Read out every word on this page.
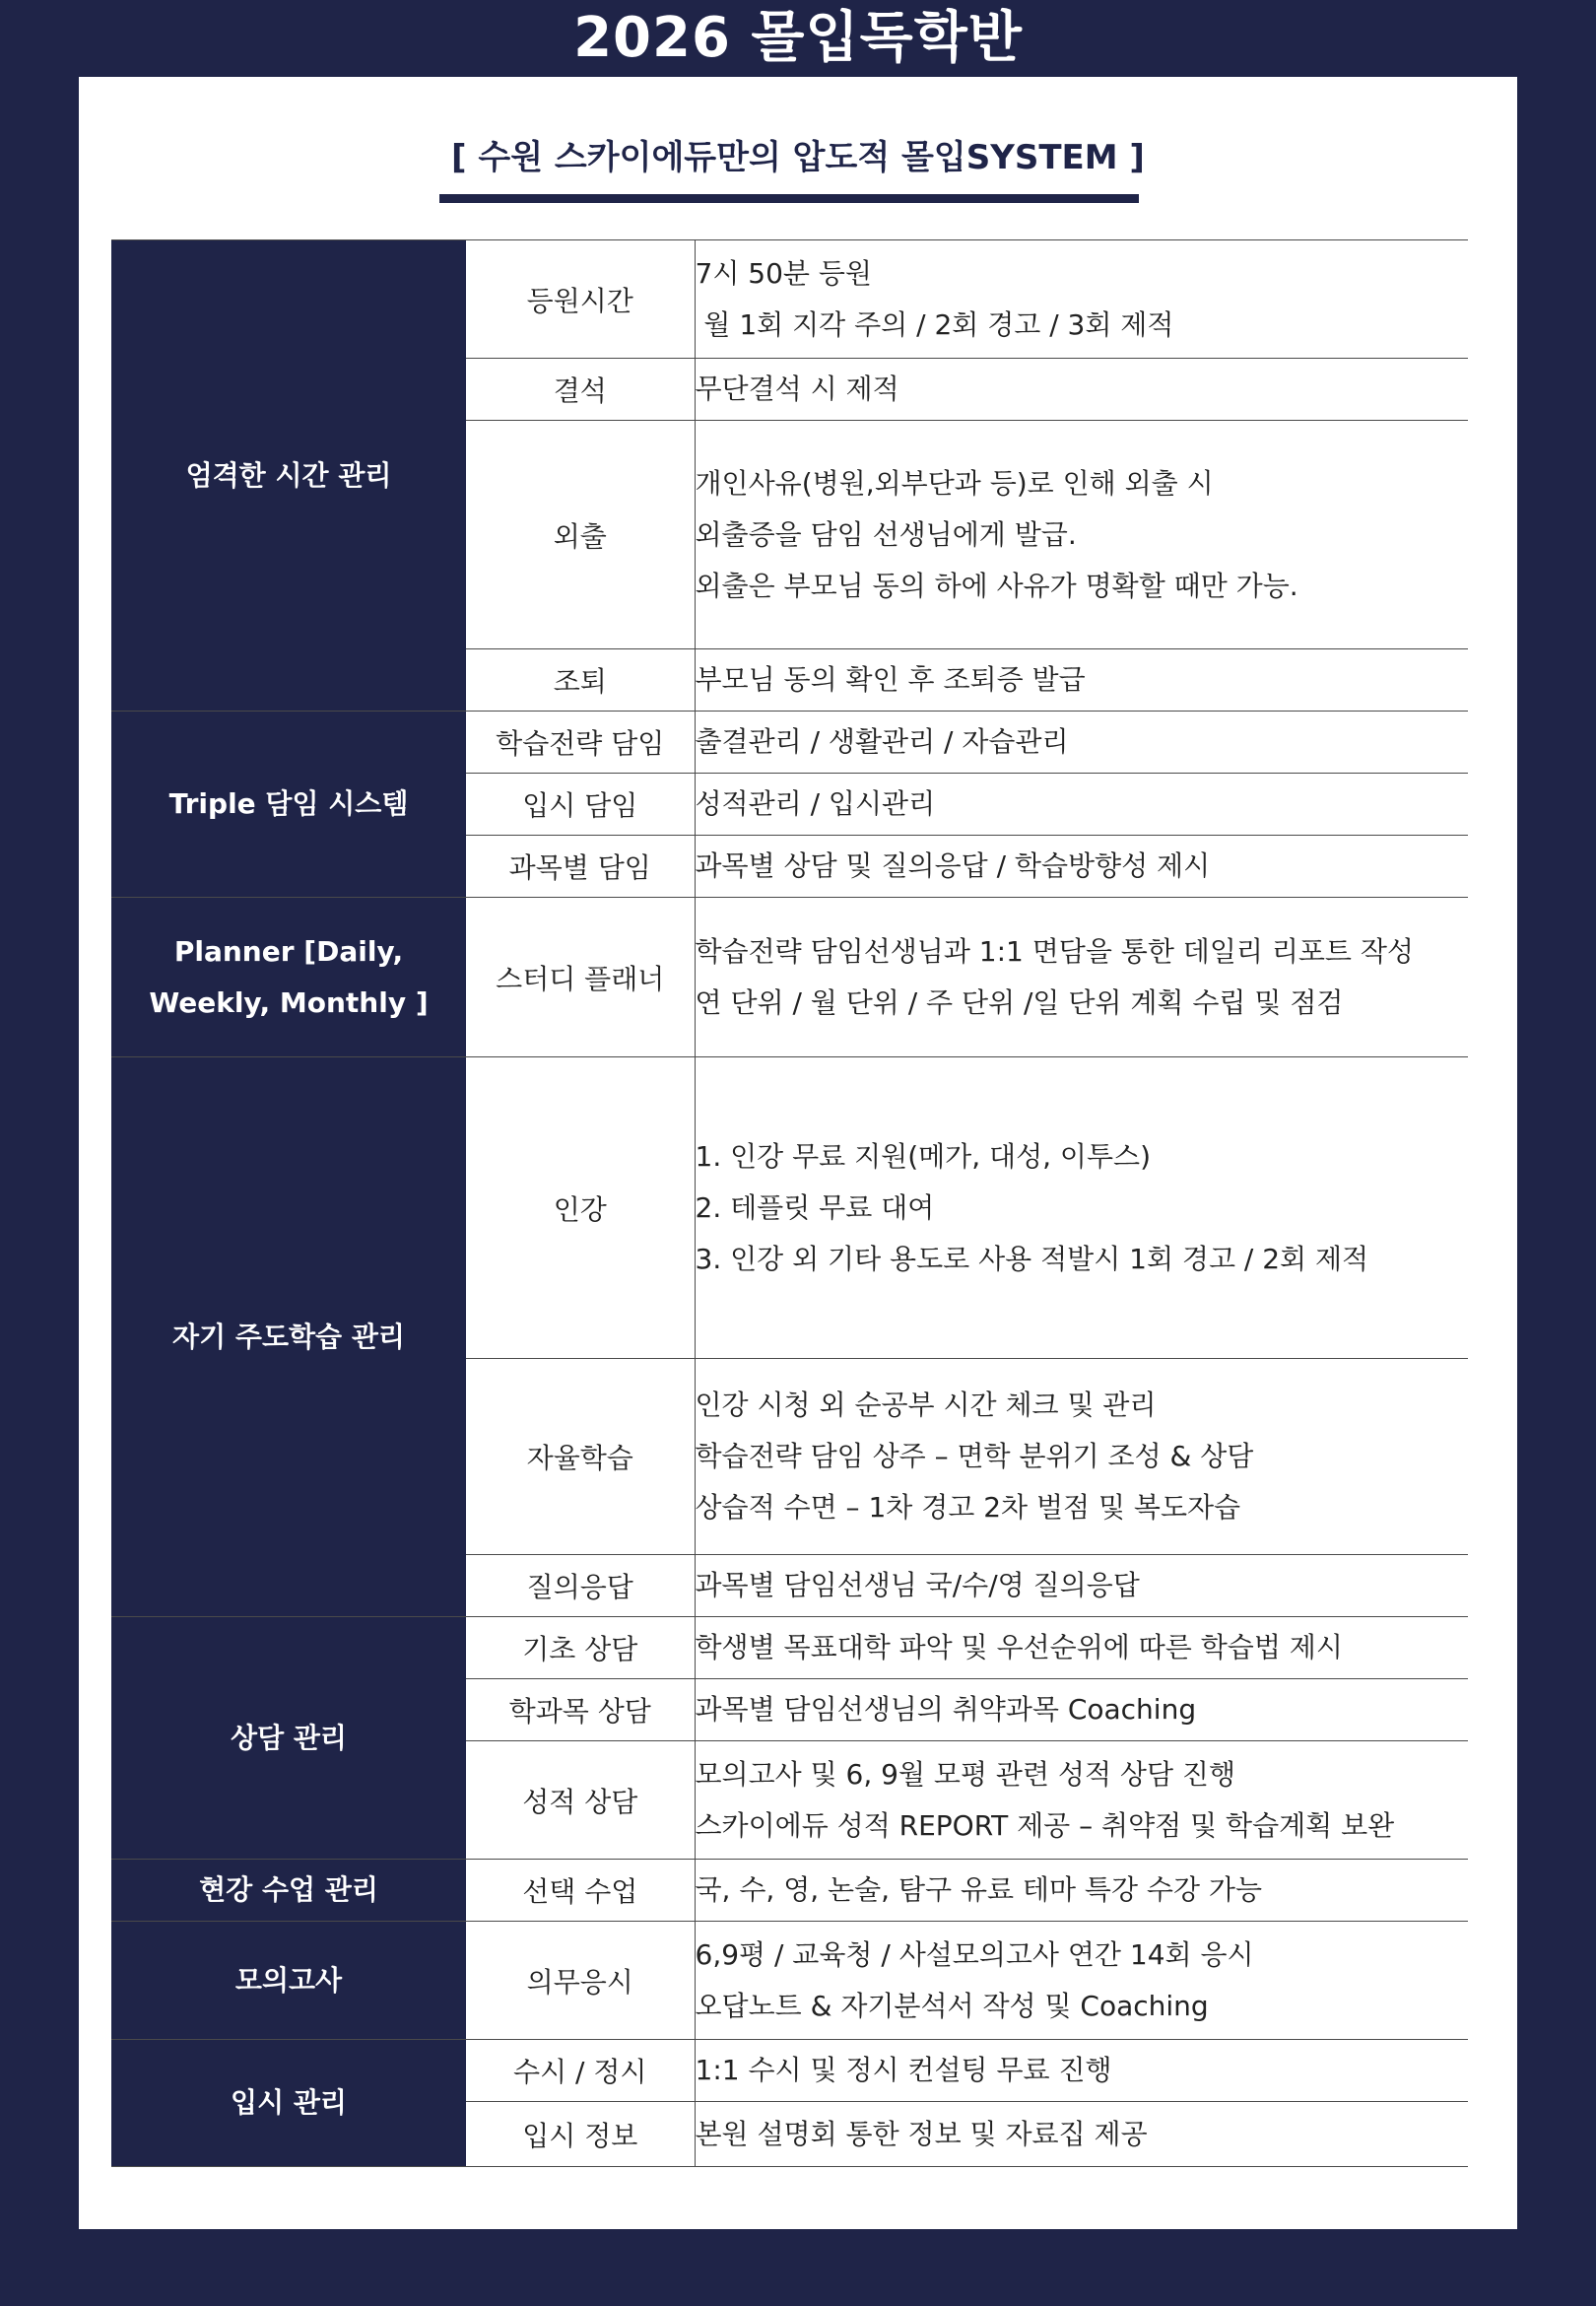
2026 몰입독학반
[ 수원 스카이에듀만의 압도적 몰입SYSTEM ]
엄격한 시간 관리	등원시간	7시 50분 등원
월 1회 지각 주의 / 2회 경고 / 3회 제적

	결석	무단결석 시 제적

	외출	개인사유(병원,외부단과 등)로 인해 외출 시
외출증을 담임 선생님에게 발급.
외출은 부모님 동의 하에 사유가 명확할 때만 가능.

	조퇴	부모님 동의 확인 후 조퇴증 발급

Triple 담임 시스템	학습전략 담임	출결관리 / 생활관리 / 자습관리

	입시 담임	성적관리 / 입시관리

	과목별 담임	과목별 상담 및 질의응답 / 학습방향성 제시

Planner [Daily, Weekly, Monthly ]	스터디 플래너	학습전략 담임선생님과 1:1 면담을 통한 데일리 리포트 작성
연 단위 / 월 단위 / 주 단위 /일 단위 계획 수립 및 점검

자기 주도학습 관리	인강	1. 인강 무료 지원(메가, 대성, 이투스)
2. 테플릿 무료 대여
3. 인강 외 기타 용도로 사용 적발시 1회 경고 / 2회 제적

	자율학습	인강 시청 외 순공부 시간 체크 및 관리
학습전략 담임 상주 – 면학 분위기 조성 & 상담
상습적 수면 – 1차 경고 2차 벌점 및 복도자습

	질의응답	과목별 담임선생님 국/수/영 질의응답

상담 관리	기초 상담	학생별 목표대학 파악 및 우선순위에 따른 학습법 제시

	학과목 상담	과목별 담임선생님의 취약과목 Coaching

	성적 상담	모의고사 및 6, 9월 모평 관련 성적 상담 진행
스카이에듀 성적 REPORT 제공 – 취약점 및 학습계획 보완

현강 수업 관리	선택 수업	국, 수, 영, 논술, 탐구 유료 테마 특강 수강 가능

모의고사	의무응시	6,9평 / 교육청 / 사설모의고사 연간 14회 응시
오답노트 & 자기분석서 작성 및 Coaching

입시 관리	수시 / 정시	1:1 수시 및 정시 컨설팅 무료 진행

	입시 정보	본원 설명회 통한 정보 및 자료집 제공
